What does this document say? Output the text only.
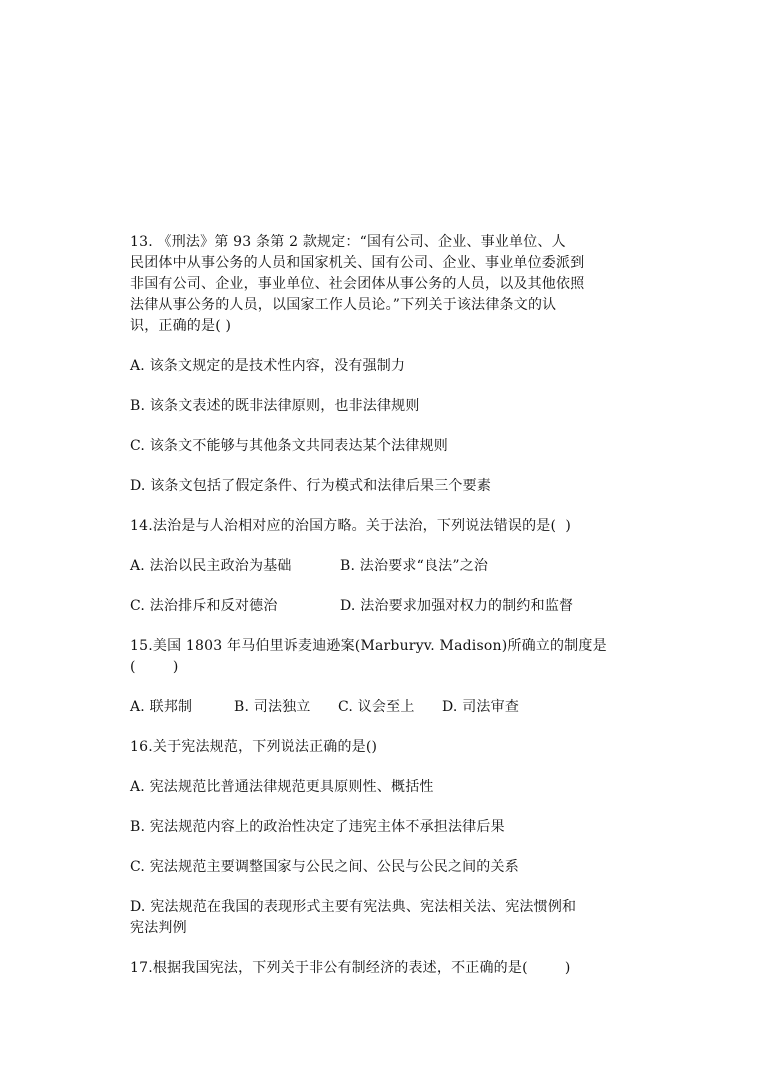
13. 《刑法》第 93 条第 2 款规定：“国有公司、企业、事业单位、人
民团体中从事公务的人员和国家机关、国有公司、企业、事业单位委派到
非国有公司、企业，事业单位、社会团体从事公务的人员，以及其他依照
法律从事公务的人员，以国家工作人员论。”下列关于该法律条文的认
识，正确的是( )
A. 该条文规定的是技术性内容，没有强制力
B. 该条文表述的既非法律原则，也非法律规则
C. 该条文不能够与其他条文共同表达某个法律规则
D. 该条文包括了假定条件、行为模式和法律后果三个要素
14.法治是与人治相对应的治国方略。关于法治，下列说法错误的是(  )
A. 法治以民主政治为基础	B. 法治要求“良法”之治
C. 法治排斥和反对德治	D. 法治要求加强对权力的制约和监督
15.美国 1803 年马伯里诉麦迪逊案(Marburyv. Madison)所确立的制度是
(        )
A. 联邦制	B. 司法独立	C. 议会至上	D. 司法审查
16.关于宪法规范，下列说法正确的是()
A. 宪法规范比普通法律规范更具原则性、概括性
B. 宪法规范内容上的政治性决定了违宪主体不承担法律后果
C. 宪法规范主要调整国家与公民之间、公民与公民之间的关系
D. 宪法规范在我国的表现形式主要有宪法典、宪法相关法、宪法惯例和
宪法判例
17.根据我国宪法，下列关于非公有制经济的表述，不正确的是(        )
